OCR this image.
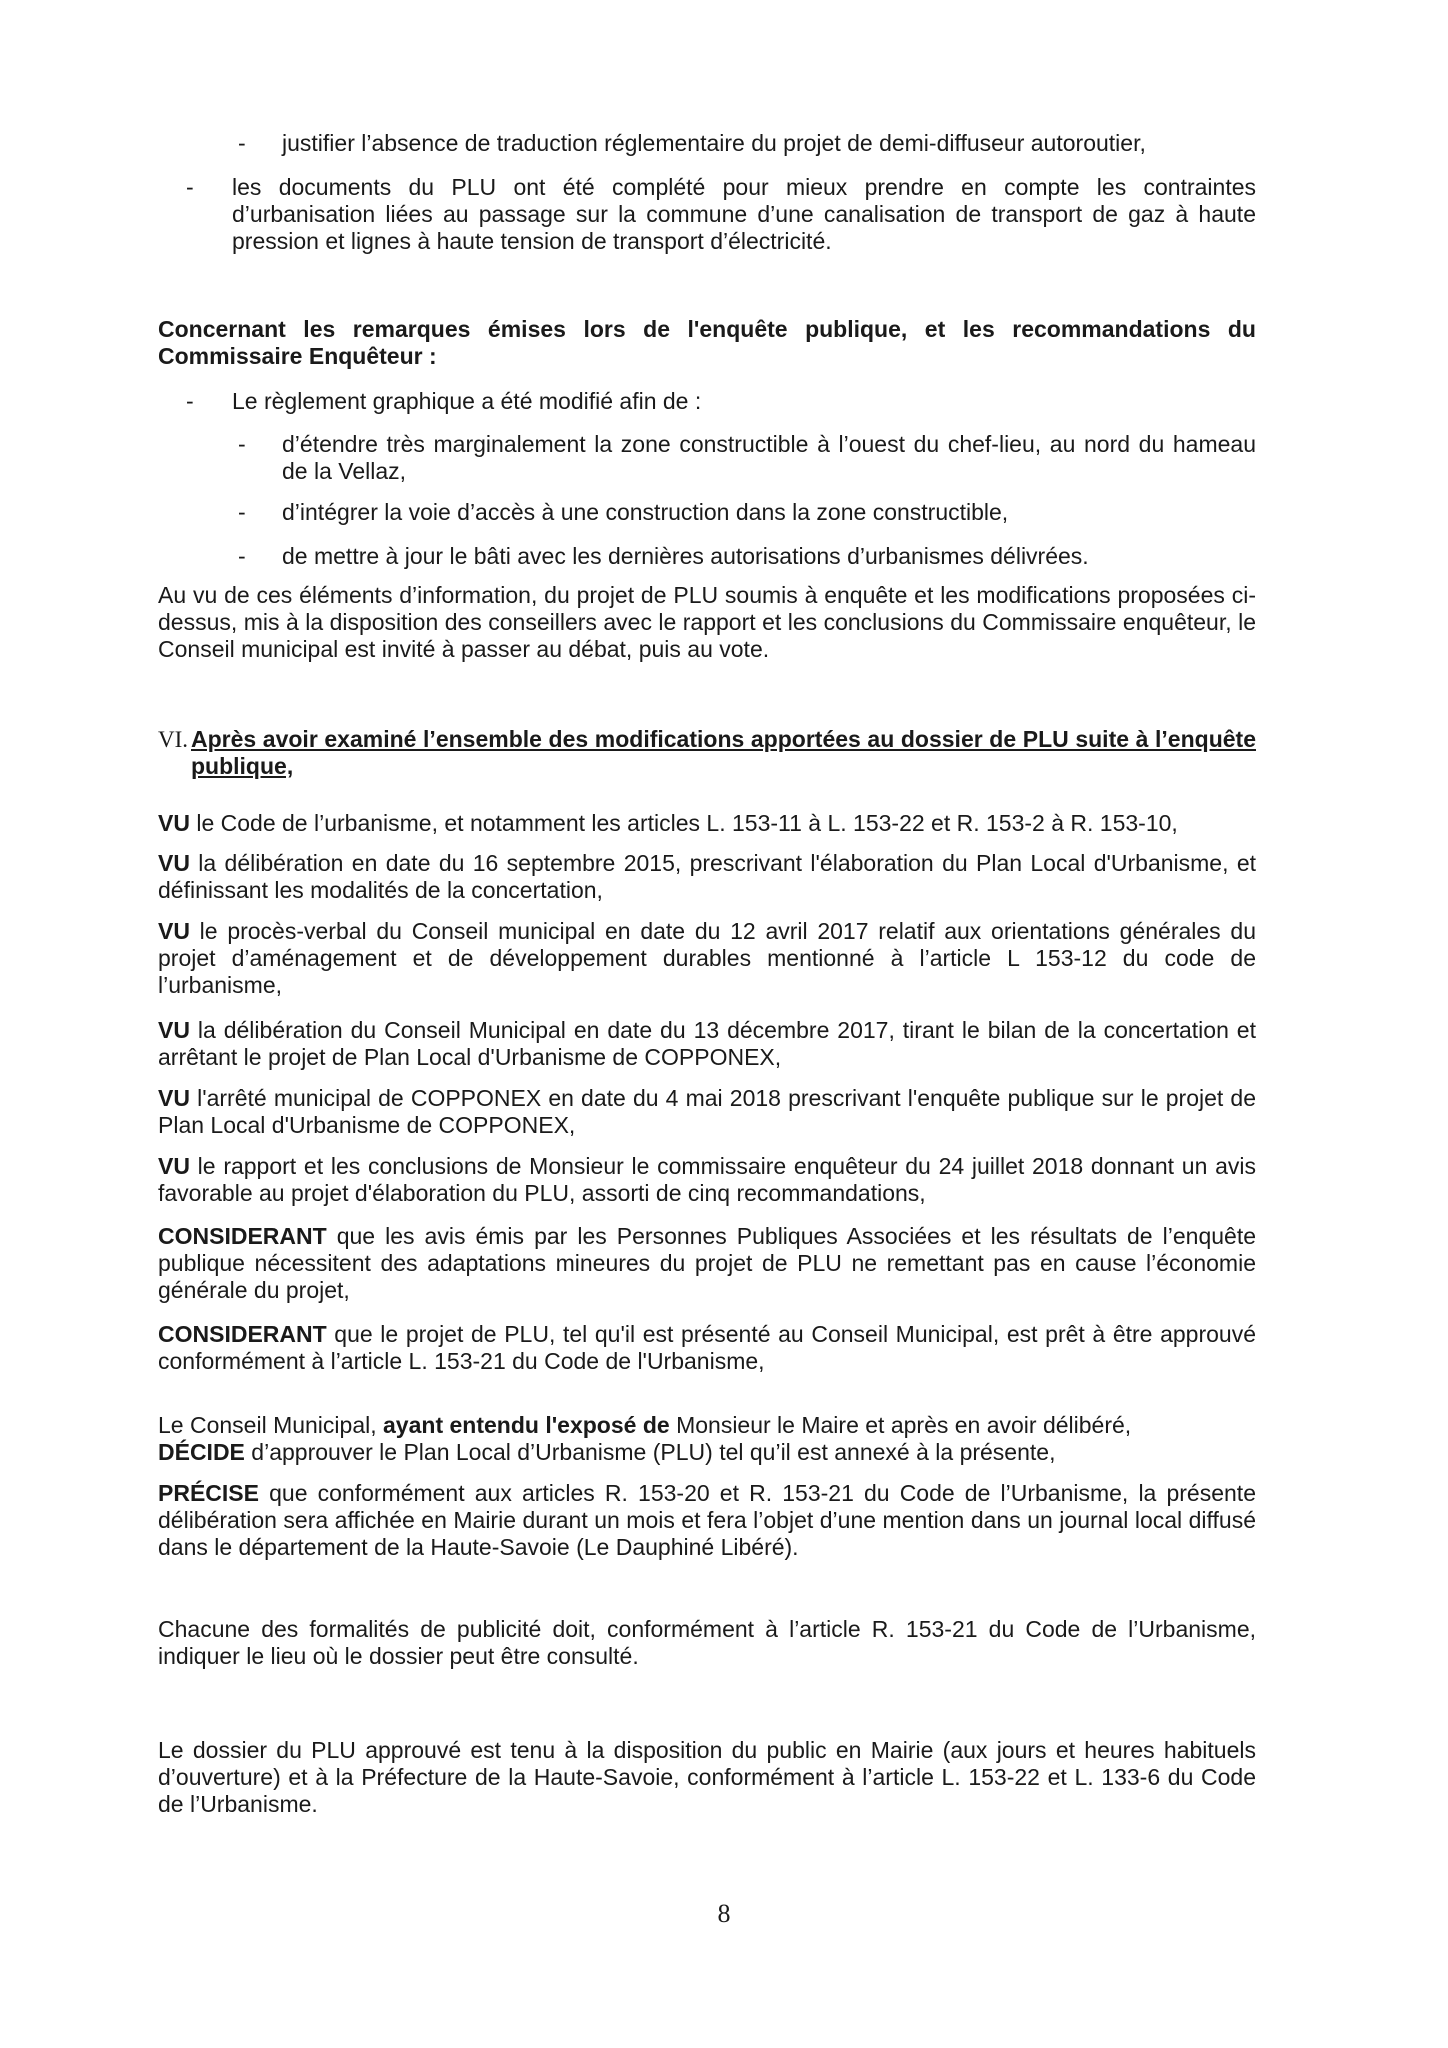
-	justifier l’absence de traduction réglementaire du projet de demi-diffuseur autoroutier,
-	les documents du PLU ont été complété pour mieux prendre en compte les contraintes d’urbanisation liées au passage sur la commune d’une canalisation de transport de gaz à haute pression et lignes à haute tension de transport d’électricité.
Concernant les remarques émises lors de l'enquête publique, et les recommandations du Commissaire Enquêteur :
-	Le règlement graphique a été modifié afin de :
-	d’étendre très marginalement la zone constructible à l’ouest du chef-lieu, au nord du hameau de la Vellaz,
-	d’intégrer la voie d’accès à une construction dans la zone constructible,
-	de mettre à jour le bâti avec les dernières autorisations d’urbanismes délivrées.
Au vu de ces éléments d’information, du projet de PLU soumis à enquête et les modifications proposées ci-dessus, mis à la disposition des conseillers avec le rapport et les conclusions du Commissaire enquêteur, le Conseil municipal est invité à passer au débat, puis au vote.
VI. Après avoir examiné l’ensemble des modifications apportées au dossier de PLU suite à l’enquête publique,
VU le Code de l’urbanisme, et notamment les articles L. 153-11 à L. 153-22 et R. 153-2 à R. 153-10,
VU la délibération en date du 16 septembre 2015, prescrivant l'élaboration du Plan Local d'Urbanisme, et définissant les modalités de la concertation,
VU le procès-verbal du Conseil municipal en date du 12 avril 2017 relatif aux orientations générales du projet d’aménagement et de développement durables mentionné à l’article L 153-12 du code de l’urbanisme,
VU la délibération du Conseil Municipal en date du 13 décembre 2017, tirant le bilan de la concertation et arrêtant le projet de Plan Local d'Urbanisme de COPPONEX,
VU l'arrêté municipal de COPPONEX en date du 4 mai 2018 prescrivant l'enquête publique sur le projet de Plan Local d'Urbanisme de COPPONEX,
VU le rapport et les conclusions de Monsieur le commissaire enquêteur du 24 juillet 2018 donnant un avis favorable au projet d'élaboration du PLU, assorti de cinq recommandations,
CONSIDERANT que les avis émis par les Personnes Publiques Associées et les résultats de l’enquête publique nécessitent des adaptations mineures du projet de PLU ne remettant pas en cause l’économie générale du projet,
CONSIDERANT que le projet de PLU, tel qu'il est présenté au Conseil Municipal, est prêt à être approuvé conformément à l’article L. 153-21 du Code de l'Urbanisme,
Le Conseil Municipal, ayant entendu l'exposé de Monsieur le Maire et après en avoir délibéré,
DÉCIDE d’approuver le Plan Local d’Urbanisme (PLU) tel qu’il est annexé à la présente,
PRÉCISE que conformément aux articles R. 153-20 et R. 153-21 du Code de l’Urbanisme, la présente délibération sera affichée en Mairie durant un mois et fera l’objet d’une mention dans un journal local diffusé dans le département de la Haute-Savoie (Le Dauphiné Libéré).
Chacune des formalités de publicité doit, conformément à l’article R. 153-21 du Code de l’Urbanisme, indiquer le lieu où le dossier peut être consulté.
Le dossier du PLU approuvé est tenu à la disposition du public en Mairie (aux jours et heures habituels d’ouverture) et à la Préfecture de la Haute-Savoie, conformément à l’article L. 153-22 et L. 133-6 du Code de l’Urbanisme.
8
